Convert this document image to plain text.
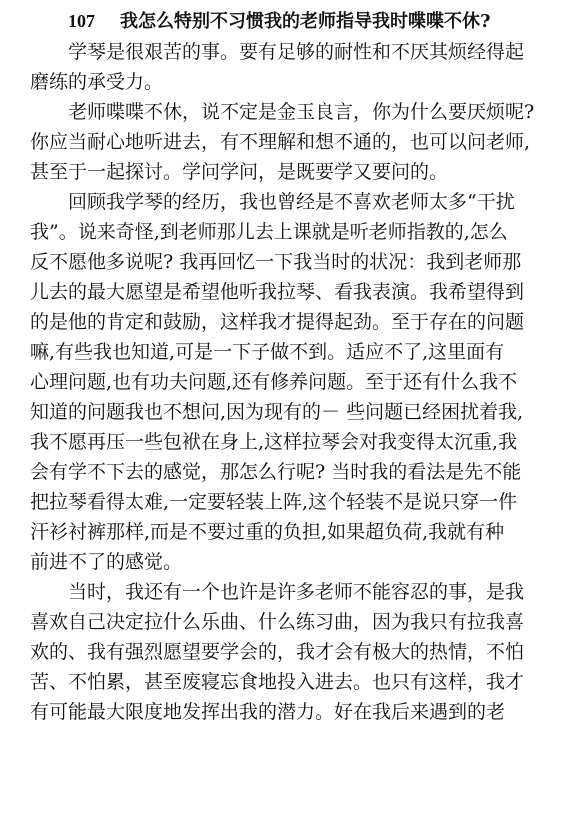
107 我怎么特别不习惯我的老师指导我时喋喋不休?
学琴是很艰苦的事。要有足够的耐性和不厌其烦经得起
磨练的承受力。
老师喋喋不休，说不定是金玉良言，你为什么要厌烦呢?
你应当耐心地听进去，有不理解和想不通的，也可以问老师,
甚至于一起探讨。学问学问，是既要学又要问的。
回顾我学琴的经历，我也曾经是不喜欢老师太多“干扰
我”。说来奇怪,到老师那儿去上课就是听老师指教的,怎么
反不愿他多说呢? 我再回忆一下我当时的状况：我到老师那
儿去的最大愿望是希望他听我拉琴、看我表演。我希望得到
的是他的肯定和鼓励，这样我才提得起劲。至于存在的问题
嘛,有些我也知道,可是一下子做不到。适应不了,这里面有
心理问题,也有功夫问题,还有修养问题。至于还有什么我不
知道的问题我也不想问,因为现有的－ 些问题已经困扰着我,
我不愿再压一些包袱在身上,这样拉琴会对我变得太沉重,我
会有学不下去的感觉，那怎么行呢? 当时我的看法是先不能
把拉琴看得太难,一定要轻装上阵,这个轻装不是说只穿一件
汗衫衬裤那样,而是不要过重的负担,如果超负荷,我就有种
前进不了的感觉。
当时，我还有一个也许是许多老师不能容忍的事，是我
喜欢自己决定拉什么乐曲、什么练习曲，因为我只有拉我喜
欢的、我有强烈愿望要学会的，我才会有极大的热情，不怕
苦、不怕累，甚至废寝忘食地投入进去。也只有这样，我才
有可能最大限度地发挥出我的潜力。好在我后来遇到的老
